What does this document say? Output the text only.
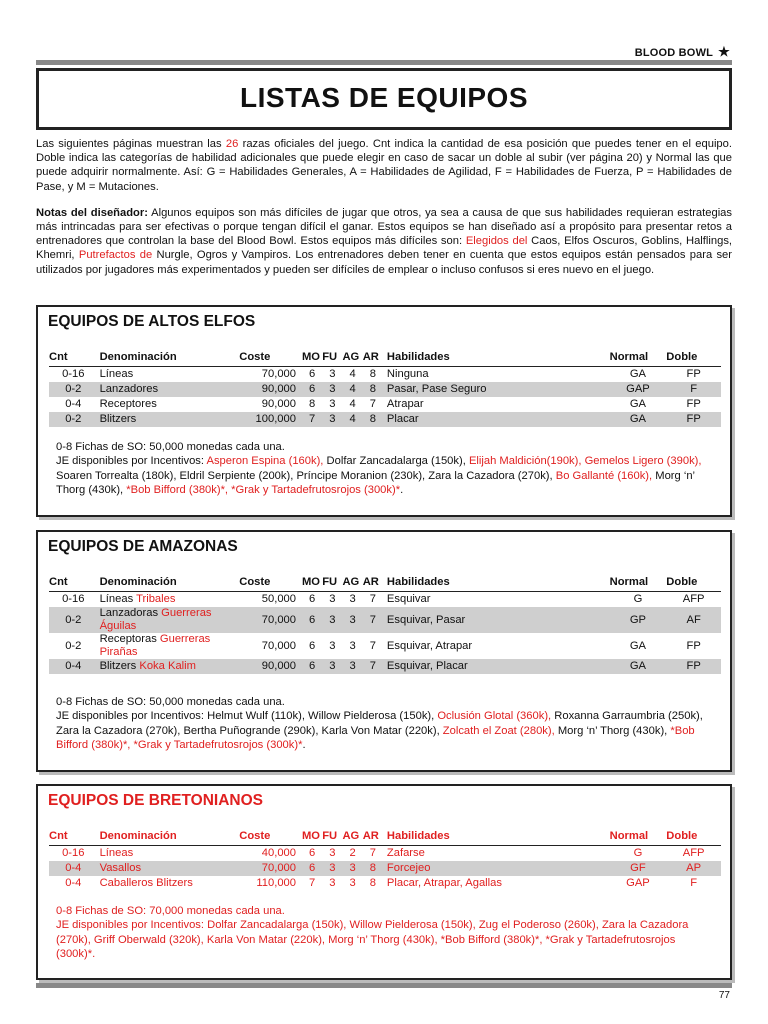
BLOOD BOWL ★
LISTAS DE EQUIPOS

Las siguientes páginas muestran las 26 razas oficiales del juego. Cnt indica la cantidad de esa posición que puedes tener en el equipo. Doble indica las categorías de habilidad adicionales que puede elegir en caso de sacar un doble al subir (ver página 20) y Normal las que puede adquirir normalmente. Así: G = Habilidades Generales, A = Habilidades de Agilidad, F = Habilidades de Fuerza, P = Habilidades de Pase, y M = Mutaciones.

Notas del diseñador: Algunos equipos son más difíciles de jugar que otros, ya sea a causa de que sus habilidades requieran estrategias más intrincadas para ser efectivas o porque tengan difícil el ganar. Estos equipos se han diseñado así a propósito para presentar retos a entrenadores que controlan la base del Blood Bowl. Estos equipos más difíciles son: Elegidos del Caos, Elfos Oscuros, Goblins, Halflings, Khemri, Putrefactos de Nurgle, Ogros y Vampiros. Los entrenadores deben tener en cuenta que estos equipos están pensados para ser utilizados por jugadores más experimentados y pueden ser difíciles de emplear o incluso confusos si eres nuevo en el juego.

EQUIPOS DE ALTOS ELFOS
Cnt	Denominación	Coste	MO	FU	AG	AR	Habilidades	Normal	Doble
0-16	Líneas	70,000	6	3	4	8	Ninguna	GA	FP
0-2	Lanzadores	90,000	6	3	4	8	Pasar, Pase Seguro	GAP	F
0-4	Receptores	90,000	8	3	4	7	Atrapar	GA	FP
0-2	Blitzers	100,000	7	3	4	8	Placar	GA	FP
0-8 Fichas de SO: 50,000 monedas cada una.
JE disponibles por Incentivos: Asperon Espina (160k), Dolfar Zancadalarga (150k), Elijah Maldición(190k), Gemelos Ligero (390k), Soaren Torrealta (180k), Eldril Serpiente (200k), Príncipe Moranion (230k), Zara la Cazadora (270k), Bo Gallanté (160k), Morg ‘n’ Thorg (430k), *Bob Bifford (380k)*, *Grak y Tartadefrutosrojos (300k)*.
EQUIPOS DE AMAZONAS
Cnt	Denominación	Coste	MO	FU	AG	AR	Habilidades	Normal	Doble
0-16	Líneas Tribales	50,000	6	3	3	7	Esquivar	G	AFP
0-2	Lanzadoras Guerreras Águilas	70,000	6	3	3	7	Esquivar, Pasar	GP	AF
0-2	Receptoras Guerreras Pirañas	70,000	6	3	3	7	Esquivar, Atrapar	GA	FP
0-4	Blitzers Koka Kalim	90,000	6	3	3	7	Esquivar, Placar	GA	FP
0-8 Fichas de SO: 50,000 monedas cada una.
JE disponibles por Incentivos: Helmut Wulf (110k), Willow Pielderosa (150k), Oclusión Glotal (360k), Roxanna Garraumbria (250k), Zara la Cazadora (270k), Bertha Puñogrande (290k), Karla Von Matar (220k), Zolcath el Zoat (280k), Morg ‘n’ Thorg (430k), *Bob Bifford (380k)*, *Grak y Tartadefrutosrojos (300k)*.
EQUIPOS DE BRETONIANOS
Cnt	Denominación	Coste	MO	FU	AG	AR	Habilidades	Normal	Doble
0-16	Líneas	40,000	6	3	2	7	Zafarse	G	AFP
0-4	Vasallos	70,000	6	3	3	8	Forcejeo	GF	AP
0-4	Caballeros Blitzers	110,000	7	3	3	8	Placar, Atrapar, Agallas	GAP	F
0-8 Fichas de SO: 70,000 monedas cada una.
JE disponibles por Incentivos: Dolfar Zancadalarga (150k), Willow Pielderosa (150k), Zug el Poderoso (260k), Zara la Cazadora (270k), Griff Oberwald (320k), Karla Von Matar (220k), Morg ‘n’ Thorg (430k), *Bob Bifford (380k)*, *Grak y Tartadefrutosrojos (300k)*.
77
